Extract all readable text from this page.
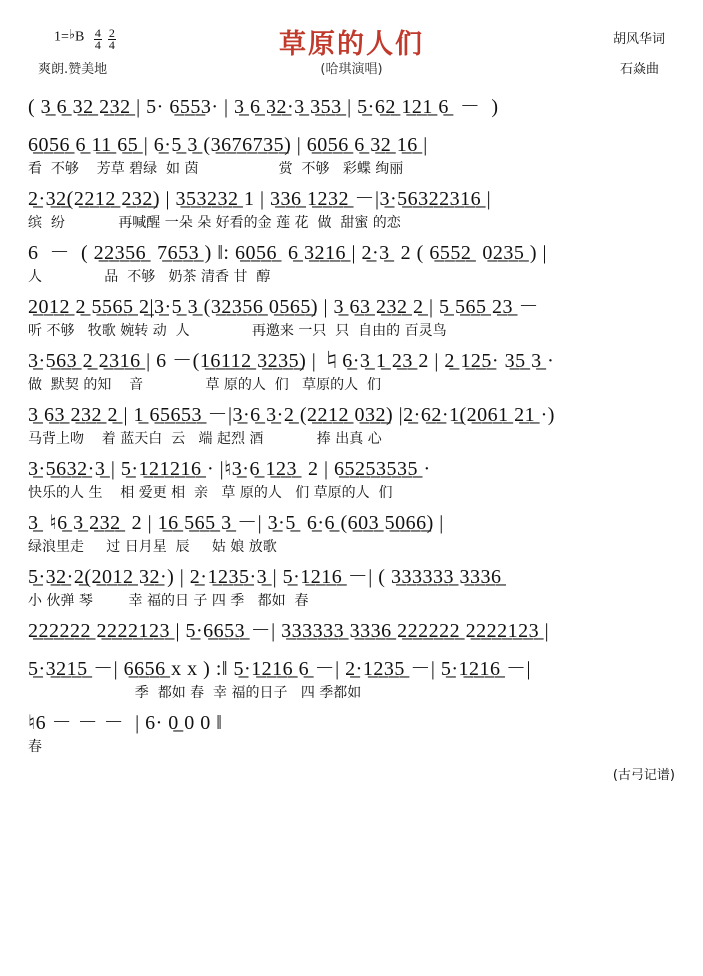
1=♭B $\frac{4}{4}$
$\frac{2}{4}$	草原的人们
(哈琪演唱)
爽朗.赞美地
胡风华词
石焱曲
( 3̲ 6̲ 3̲2̲ 2̲3̲2̲ | 5· 6̲5̲5̲3· | 3̲ 6̲ 3̲2̲·3̲ 3̲5̲3̲ | 5̲·6̲2̲ 1̲2̲1̲ 6̲  －  )
6̲0̲5̲6̲ 6̲ 1̲1̲ 6̲5̲ | 6̲·5̲ 3̲ (3̲6̲7̲6̲7̲3̲5̲) | 6̲0̲5̲6̲ 6̲ 3̲2̲ 1̲6̲ |
看  不够    芳草 碧绿  如 茵                  赏  不够   彩蝶 绚丽
2̲·3̲2̲(2̲2̲1̲2̲ 2̲3̲2̲) | 3̲5̲3̲2̲3̲2̲ 1 | 3̲3̲6̲ 1̲2̲3̲2̲ －|3̲·5̲6̲3̲2̲2̲3̲1̲6̲ |
缤  纷            再喊醒 一朵 朵 好看的金 莲 花  做  甜蜜 的恋
6  －  ( 2̲2̲3̲5̲6̲  7̲6̲5̲3̲ ) ‖: 6̲0̲5̲6̲  6̲ 3̲2̲1̲6̲ | 2̲·3̲  2 ( 6̲5̲5̲2̲  0̲2̲3̲5̲ ) |
人              品  不够   奶茶 清香 甘  醇
2̲0̲1̲2̲ 2̲ 5̲5̲6̲5̲ 2̲|3̲·5̲ 3̲ (3̲2̲3̲5̲6̲ 0̲5̲6̲5̲) | 3̲ 6̲3̲ 2̲3̲2̲ 2̲ | 5̲ 5̲6̲5̲ 2̲3̲ －
听 不够   牧歌 婉转 动  人              再邀来 一只  只  自由的 百灵鸟
3̲·5̲6̲3̲ 2̲ 2̲3̲1̲6̲ | 6 －(1̲6̲1̲1̲2̲ 3̲2̲3̲5̲) | ♮6̲·3̲ 1̲ 2̲3̲ 2 | 2̲ 1̲2̲5̲· 3̲5̲ 3̲ ·
做  默契 的知    音              草 原的人  们   草原的人  们
3̲ 6̲3̲ 2̲3̲2̲ 2̲ | 1̲ 6̲5̲6̲5̲3̲ －|3̲·6̲ 3̲·2̲ (2̲2̲1̲2̲ 0̲3̲2̲) |2̲·6̲2̲·1̲(2̲0̲6̲1̲ 2̲1̲ ·)
马背上吻    着 蓝天白  云   端 起烈 酒            捧 出真 心
3̲·5̲6̲3̲2̲·3̲ | 5̲·1̲2̲1̲2̲1̲6̲ · |♮3̲·6̲ 1̲2̲3̲  2 | 6̲5̲2̲5̲3̲5̲3̲5̲ ·
快乐的人 生    相 爱更 相  亲   草 原的人   们 草原的人  们
3̲  ♮6̲ 3̲ 2̲3̲2̲  2 | 1̲6̲ 5̲6̲5̲ 3̲ －| 3̲·5̲  6̲·6̲ (6̲0̲3̲ 5̲0̲6̲6̲) |
绿浪里走     过 日月星  辰     姑 娘 放歌
5̲·3̲2̲·2̲(2̲0̲1̲2̲ 3̲2̲·) | 2̲·1̲2̲3̲5̲·3̲ | 5̲·1̲2̲1̲6̲ －| ( 3̲3̲3̲3̲3̲3̲ 3̲3̲3̲6̲
小 伙弹 琴        幸 福的日 子 四 季   都如  春
2̲2̲2̲2̲2̲2̲ 2̲2̲2̲2̲1̲2̲3̲ | 5̲·6̲6̲5̲3̲ －| 3̲3̲3̲3̲3̲3̲ 3̲3̲3̲6̲ 2̲2̲2̲2̲2̲2̲ 2̲2̲2̲2̲1̲2̲3̲ |
5̲·3̲2̲1̲5̲ －| 6̲6̲5̲6̲ x x ) :‖ 5̲·1̲2̲1̲6̲ 6̲ －| 2̲·1̲2̲3̲5̲ －| 5̲·1̲2̲1̲6̲ －|
季  都如 春  幸 福的日子   四 季都如
♮6 － － －  | 6· 0̲ 0 0 ‖
春
(古弓记谱)
